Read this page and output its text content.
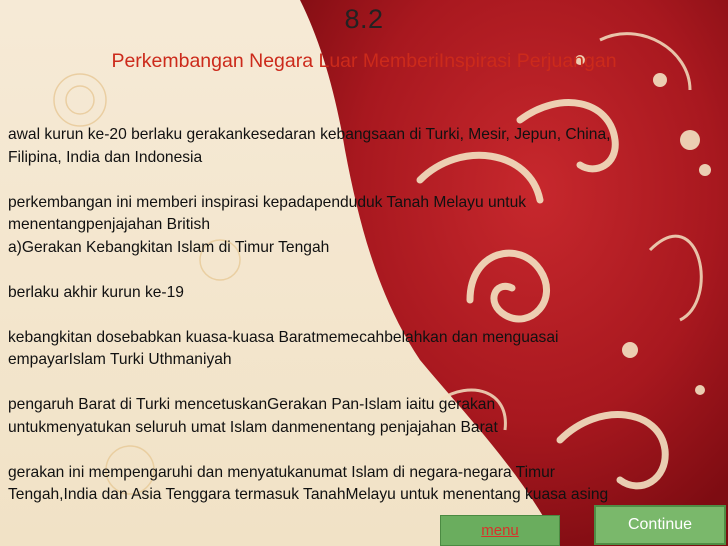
8.2
Perkembangan Negara Luar MemberiInspirasi Perjuangan

awal kurun ke-20 berlaku gerakankesedaran kebangsaan di Turki, Mesir, Jepun, China,

Filipina, India dan Indonesia

perkembangan ini memberi inspirasi kepadapenduduk Tanah Melayu untuk

menentangpenjajahan British

a)Gerakan Kebangkitan Islam di Timur Tengah

berlaku akhir kurun ke-19

kebangkitan dosebabkan kuasa-kuasa Baratmemecahbelahkan dan menguasai

empayarIslam Turki Uthmaniyah

pengaruh Barat di Turki mencetuskanGerakan Pan-Islam iaitu gerakan

untukmenyatukan seluruh umat Islam danmenentang penjajahan Barat

gerakan ini mempengaruhi dan menyatukanumat Islam di negara-negara Timur

Tengah,India dan Asia Tenggara termasuk TanahMelayu untuk menentang kuasa asing

menu	Continue
